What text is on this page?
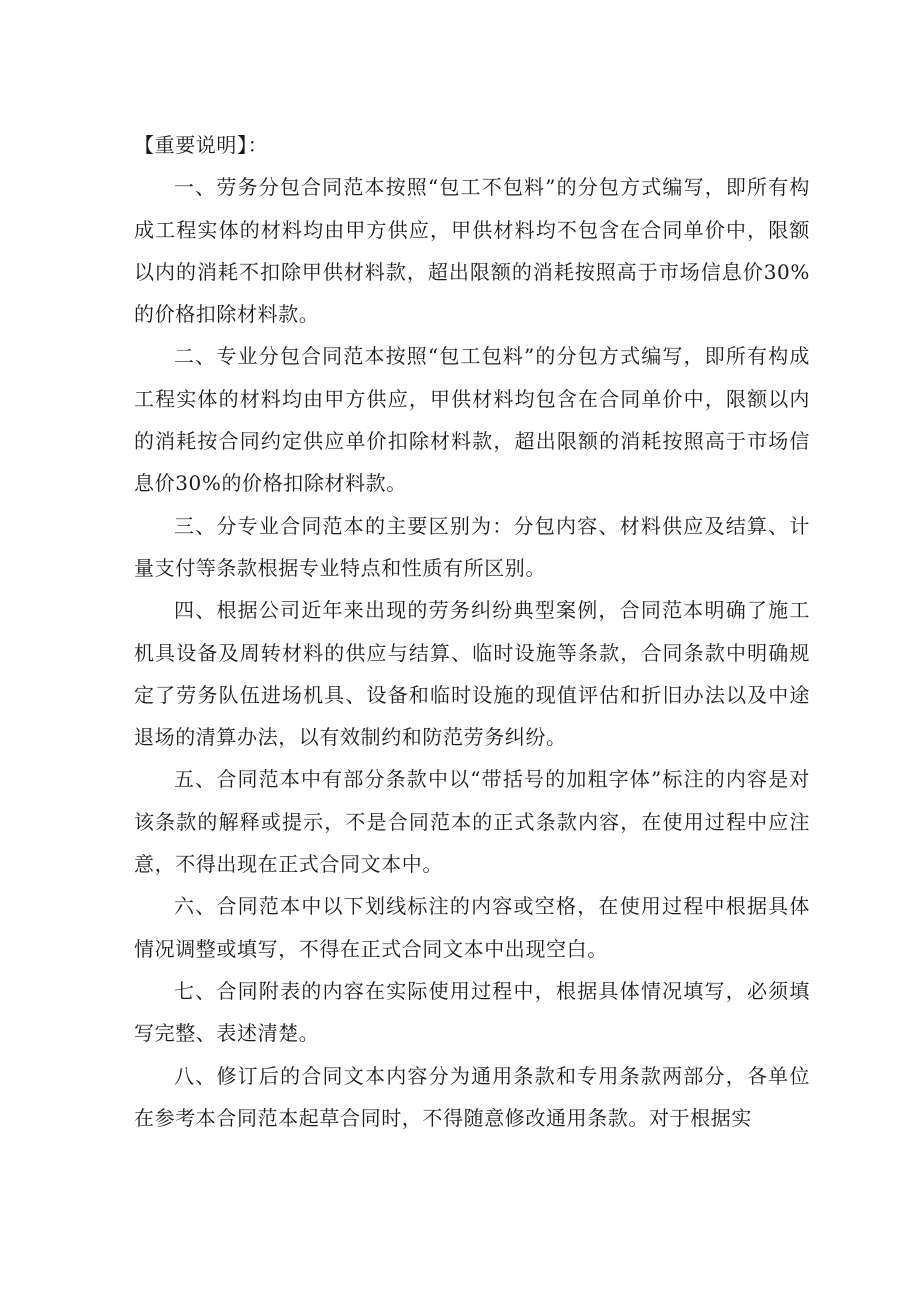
【重要说明】：

一、劳务分包合同范本按照“包工不包料”的分包方式编写，即所有构成工程实体的材料均由甲方供应，甲供材料均不包含在合同单价中，限额以内的消耗不扣除甲供材料款，超出限额的消耗按照高于市场信息价30%的价格扣除材料款。

二、专业分包合同范本按照“包工包料”的分包方式编写，即所有构成工程实体的材料均由甲方供应，甲供材料均包含在合同单价中，限额以内的消耗按合同约定供应单价扣除材料款，超出限额的消耗按照高于市场信息价30%的价格扣除材料款。

三、分专业合同范本的主要区别为：分包内容、材料供应及结算、计量支付等条款根据专业特点和性质有所区别。

四、根据公司近年来出现的劳务纠纷典型案例，合同范本明确了施工机具设备及周转材料的供应与结算、临时设施等条款，合同条款中明确规定了劳务队伍进场机具、设备和临时设施的现值评估和折旧办法以及中途退场的清算办法，以有效制约和防范劳务纠纷。

五、合同范本中有部分条款中以“带括号的加粗字体”标注的内容是对该条款的解释或提示，不是合同范本的正式条款内容，在使用过程中应注意，不得出现在正式合同文本中。

六、合同范本中以下划线标注的内容或空格，在使用过程中根据具体情况调整或填写，不得在正式合同文本中出现空白。

七、合同附表的内容在实际使用过程中，根据具体情况填写，必须填写完整、表述清楚。

八、修订后的合同文本内容分为通用条款和专用条款两部分，各单位在参考本合同范本起草合同时，不得随意修改通用条款。对于根据实
